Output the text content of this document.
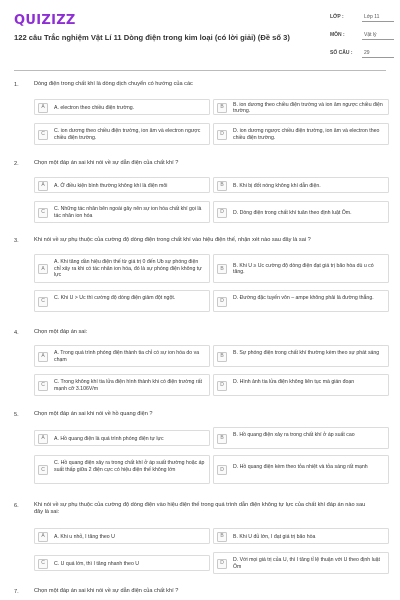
QUIZIZZ
122 câu Trắc nghiệm Vật Lí 11 Dòng điện trong kim loại (có lời giải) (Đề số 3)
LỚP :	Lớp 11
MÔN :	Vật lý
SỐ CÂU : 29
1.	Dòng điện trong chất khí là dòng dịch chuyển có hướng của các
A	A. electron theo chiều điện trường.	B	B. ion dương theo chiều điện trường và ion âm ngược chiều điện trường.
C
C. ion dương theo chiều điện trường, ion âm và electron ngược chiều điện trường.
D
D. ion dương ngược chiều điện trường, ion âm và electron theo chiều điện trường.
2.	Chọn một đáp án sai khi nói về sự dẫn điện của chất khí ?
A	A. Ở điều kiện bình thường không khí là điện môi	B	B. Khi bị đốt nóng không khí dẫn điện.
C
C. Những tác nhân bên ngoài gây nên sự ion hóa chất khí gọi là tác nhân ion hóa
D	D. Dòng điện trong chất khí tuân theo định luật Ôm.
3.	Khi nói về sự phụ thuộc của cường độ dòng điện trong chất khí vào hiệu điện thế, nhận xét nào sau đây là sai ?
A
A. Khi tăng dần hiệu điện thế từ giá trị 0 đến Ub sự phóng điện chỉ xảy ra khi có tác nhân ion hóa, đó là sự phóng điện không tự lực
B
B. Khi U ≥ Uc cường độ dòng điện đạt giá trị bão hòa dù u có tăng.
C
C. Khi U > Uc thì cường độ dòng điện giảm đột ngột.
D
D. Đường đặc tuyến vôn – ampe không phải là đường thẳng.
4.	Chọn một đáp án sai:
A
A. Trong quá trình phóng điện thành tia chỉ có sự ion hóa do va chạm
B
B. Sự phóng điện trong chất khí thường kèm theo sự phát sáng
C
C. Trong không khí tia lửa điện hình thành khi có điện trường rất mạnh cỡ 3.106V/m
D
D. Hình ảnh tia lửa điện không liên tục mà gián đoạn
5.	Chọn một đáp án sai khi nói về hồ quang điện ?
A	A. Hồ quang điện là quá trình phóng điện tự lực	B
B. Hồ quang điện xảy ra trong chất khí ở áp suất cao
C
C. Hồ quang điện xảy ra trong chất khí ở áp suất thường hoặc áp suất thấp giữa 2 điện cực có hiệu điện thế không lớn	D
D. Hồ quang điện kèm theo tỏa nhiệt và tỏa sáng rất mạnh
6.	Khi nói về sự phụ thuộc của cường độ dòng điện vào hiệu điện thế trong quá trình dẫn điện không tự lực của chất khí đáp án nào sau đây là sai:
A	A. Khi u nhỏ, I tăng theo U	B	B. Khi U đủ lớn, I đạt giá trị bão hòa
C	C. U quá lớn, thì I tăng nhanh theo U	D
D. Với mọi giá trị của U, thì I tăng tỉ lệ thuận với U theo định luật Ôm
7.	Chọn một đáp án sai khi nói về sự dẫn điện của chất khí ?
